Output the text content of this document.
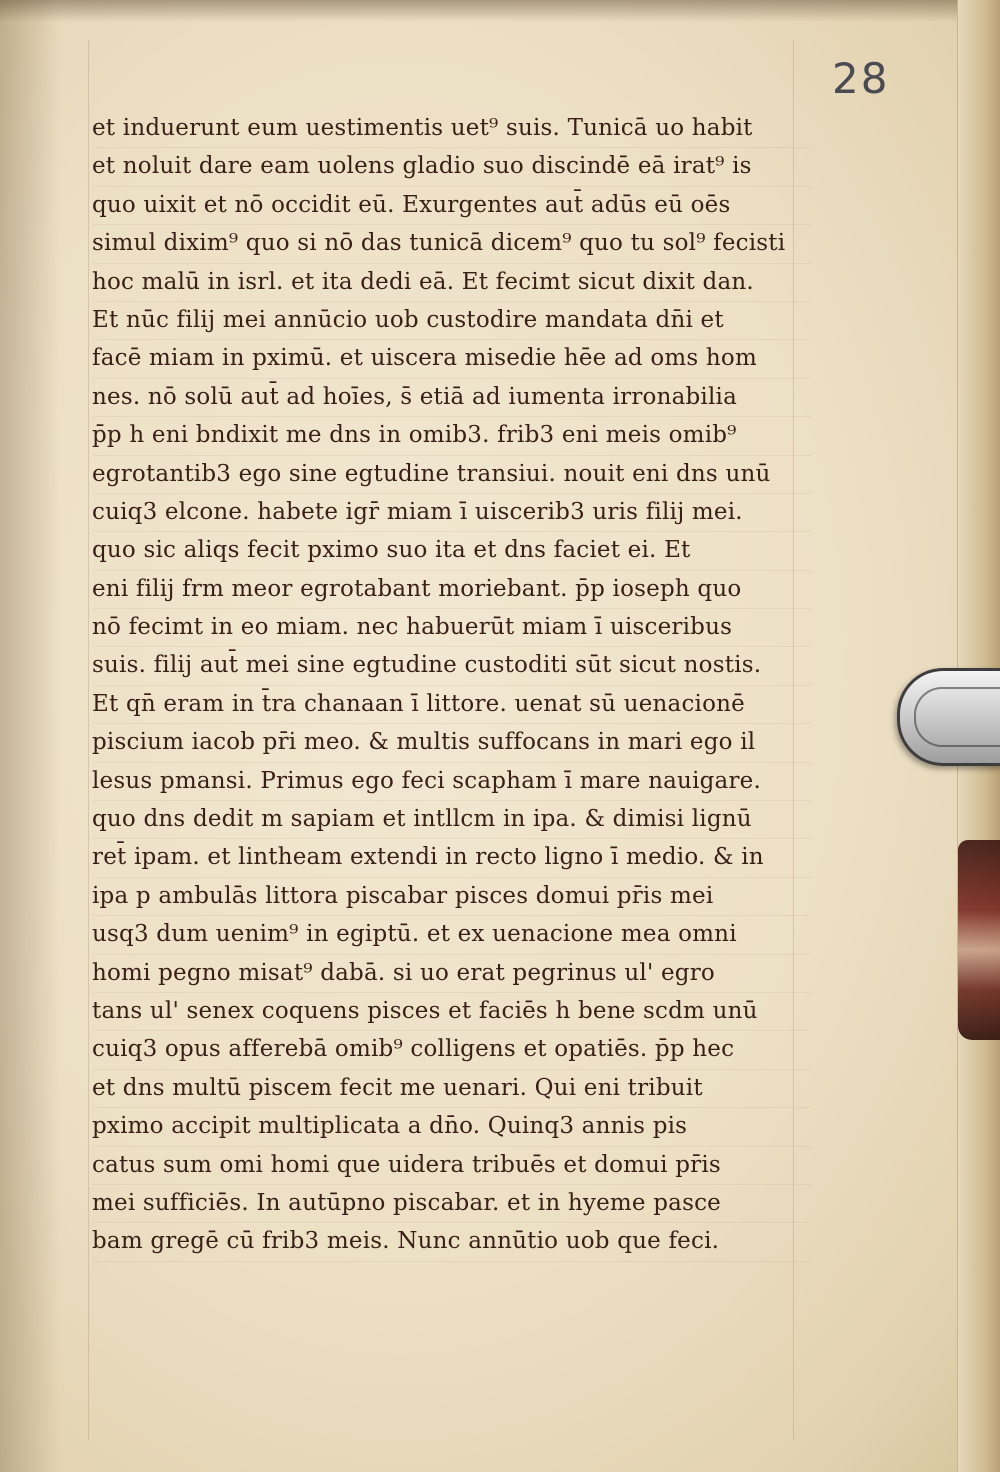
28
et induerunt eum uestimentis uet⁹ suis. Tunicā uo habit
et noluit dare eam uolens gladio suo discindē eā irat⁹ is
quo uixit et nō occidit eū. Exurgentes aut̄ adūs eū oēs
simul dixim⁹ quo si nō das tunicā dicem⁹ quo tu sol⁹ fecisti
hoc malū in isrl. et ita dedi eā. Et fecimt sicut dixit dan.
Et nūc filij mei annūcio uob custodire mandata dn̄i et
facē miam in pximū. et uiscera misedie hēe ad oms hom
nes. nō solū aut̄ ad hoīes, s̄ etiā ad iumenta irronabilia
p̄p h eni bndixit me dns in omib3. frib3 eni meis omib⁹
egrotantib3 ego sine egtudine transiui. nouit eni dns unū
cuiq3 elcone. habete igr̄ miam ī uiscerib3 uris filij mei.
quo sic aliqs fecit pximo suo ita et dns faciet ei. Et
eni filij frm meor egrotabant moriebant. p̄p ioseph quo
nō fecimt in eo miam. nec habuerūt miam ī uisceribus
suis. filij aut̄ mei sine egtudine custoditi sūt sicut nostis.
Et qn̄ eram in t̄ra chanaan ī littore. uenat sū uenacionē
piscium iacob pr̄i meo. & multis suffocans in mari ego il
lesus pmansi. Primus ego feci scapham ī mare nauigare.
quo dns dedit m sapiam et intllcm in ipa. & dimisi lignū
ret̄ ipam. et lintheam extendi in recto ligno ī medio. & in
ipa p ambulās littora piscabar pisces domui pr̄is mei
usq3 dum uenim⁹ in egiptū. et ex uenacione mea omni
homi pegno misat⁹ dabā. si uo erat pegrinus ul' egro
tans ul' senex coquens pisces et faciēs h bene scdm unū
cuiq3 opus afferebā omib⁹ colligens et opatiēs. p̄p hec
et dns multū piscem fecit me uenari. Qui eni tribuit
pximo accipit multiplicata a dn̄o. Quinq3 annis pis
catus sum omi homi que uidera tribuēs et domui pr̄is
mei sufficiēs. In autūpno piscabar. et in hyeme pasce
bam gregē cū frib3 meis. Nunc annūtio uob que feci.
